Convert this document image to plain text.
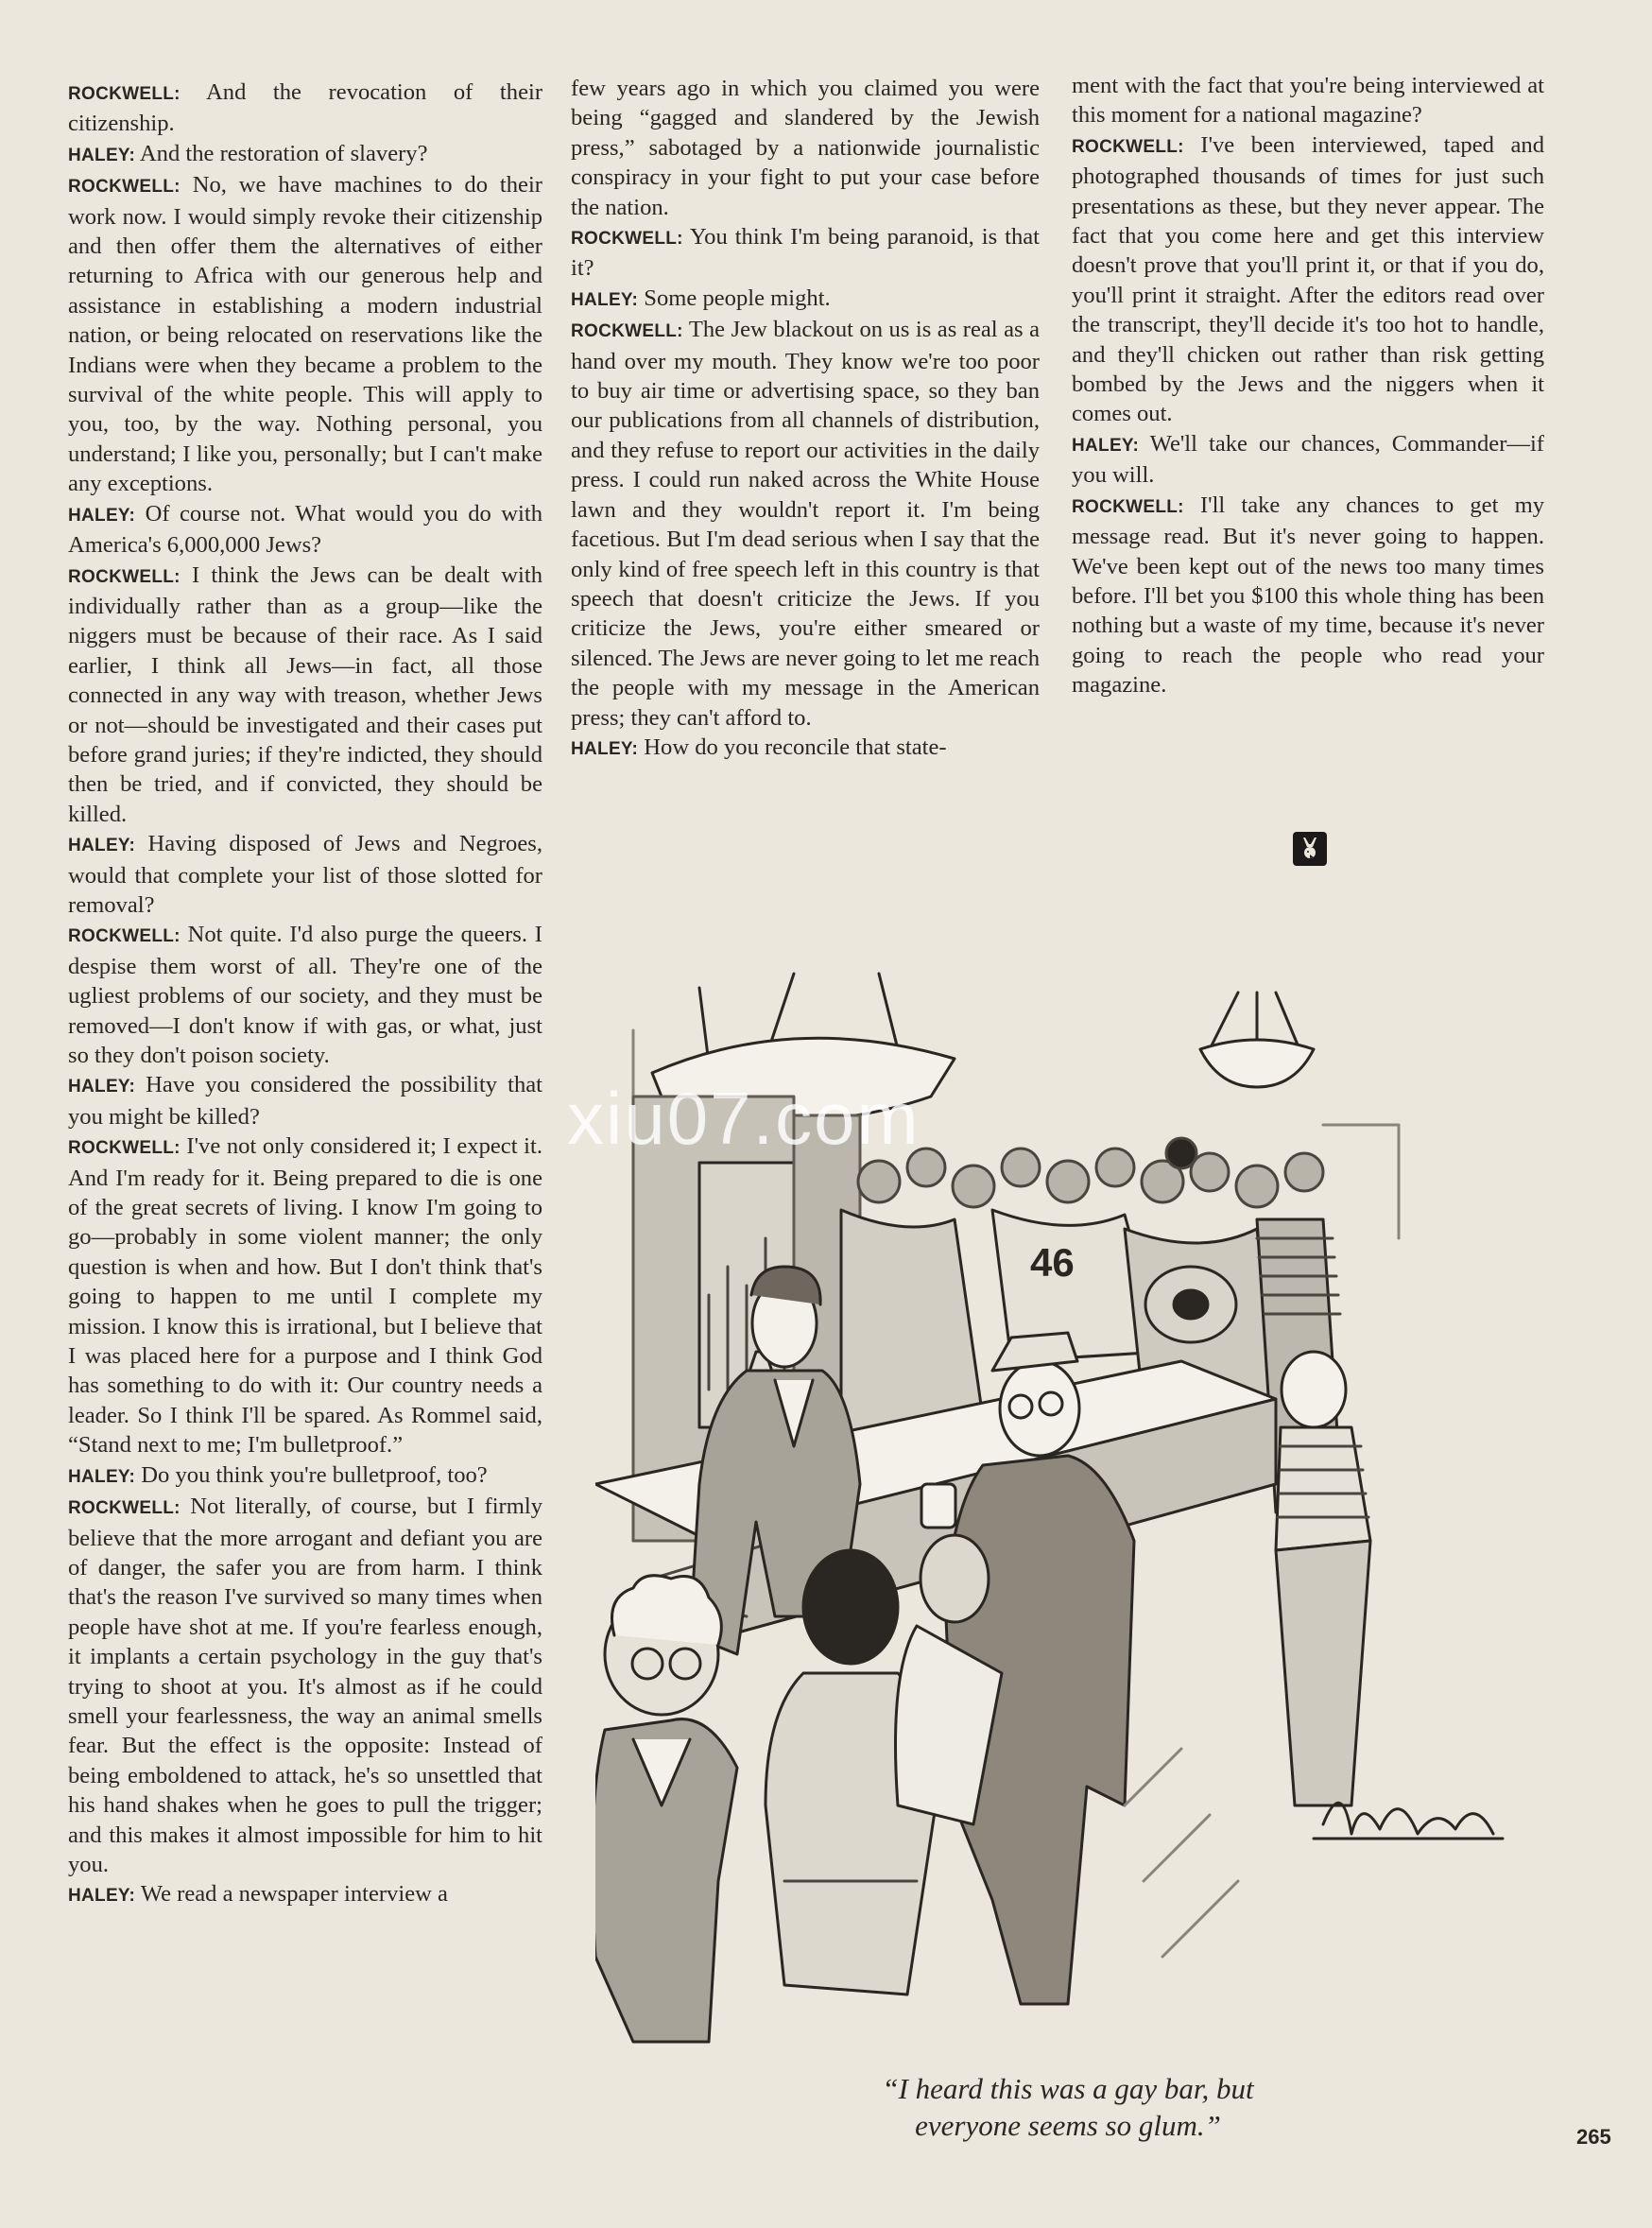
ROCKWELL: And the revocation of their citizenship.

HALEY: And the restoration of slavery?

ROCKWELL: No, we have machines to do their work now. I would simply revoke their citizenship and then offer them the alternatives of either returning to Africa with our generous help and assistance in establishing a modern industrial nation, or being relocated on reservations like the Indians were when they became a problem to the survival of the white people. This will apply to you, too, by the way. Nothing personal, you understand; I like you, personally; but I can't make any exceptions.

HALEY: Of course not. What would you do with America's 6,000,000 Jews?

ROCKWELL: I think the Jews can be dealt with individually rather than as a group—like the niggers must be because of their race. As I said earlier, I think all Jews—in fact, all those connected in any way with treason, whether Jews or not—should be investigated and their cases put before grand juries; if they're indicted, they should then be tried, and if convicted, they should be killed.

HALEY: Having disposed of Jews and Negroes, would that complete your list of those slotted for removal?

ROCKWELL: Not quite. I'd also purge the queers. I despise them worst of all. They're one of the ugliest problems of our society, and they must be removed—I don't know if with gas, or what, just so they don't poison society.

HALEY: Have you considered the possibility that you might be killed?

ROCKWELL: I've not only considered it; I expect it. And I'm ready for it. Being prepared to die is one of the great secrets of living. I know I'm going to go—probably in some violent manner; the only question is when and how. But I don't think that's going to happen to me until I complete my mission. I know this is irrational, but I believe that I was placed here for a purpose and I think God has something to do with it: Our country needs a leader. So I think I'll be spared. As Rommel said, “Stand next to me; I'm bulletproof.”

HALEY: Do you think you're bulletproof, too?

ROCKWELL: Not literally, of course, but I firmly believe that the more arrogant and defiant you are of danger, the safer you are from harm. I think that's the reason I've survived so many times when people have shot at me. If you're fearless enough, it implants a certain psychology in the guy that's trying to shoot at you. It's almost as if he could smell your fearlessness, the way an animal smells fear. But the effect is the opposite: Instead of being emboldened to attack, he's so unsettled that his hand shakes when he goes to pull the trigger; and this makes it almost impossible for him to hit you.

HALEY: We read a newspaper interview a

few years ago in which you claimed you were being “gagged and slandered by the Jewish press,” sabotaged by a nationwide journalistic conspiracy in your fight to put your case before the nation.

ROCKWELL: You think I'm being paranoid, is that it?

HALEY: Some people might.

ROCKWELL: The Jew blackout on us is as real as a hand over my mouth. They know we're too poor to buy air time or advertising space, so they ban our publications from all channels of distribution, and they refuse to report our activities in the daily press. I could run naked across the White House lawn and they wouldn't report it. I'm being facetious. But I'm dead serious when I say that the only kind of free speech left in this country is that speech that doesn't criticize the Jews. If you criticize the Jews, you're either smeared or silenced. The Jews are never going to let me reach the people with my message in the American press; they can't afford to.

HALEY: How do you reconcile that state-

ment with the fact that you're being interviewed at this moment for a national magazine?

ROCKWELL: I've been interviewed, taped and photographed thousands of times for just such presentations as these, but they never appear. The fact that you come here and get this interview doesn't prove that you'll print it, or that if you do, you'll print it straight. After the editors read over the transcript, they'll decide it's too hot to handle, and they'll chicken out rather than risk getting bombed by the Jews and the niggers when it comes out.

HALEY: We'll take our chances, Commander—if you will.

ROCKWELL: I'll take any chances to get my message read. But it's never going to happen. We've been kept out of the news too many times before. I'll bet you $100 this whole thing has been nothing but a waste of my time, because it's never going to reach the people who read your magazine.

46
“I heard this was a gay bar, but
everyone seems so glum.”
xiu07.com
265
